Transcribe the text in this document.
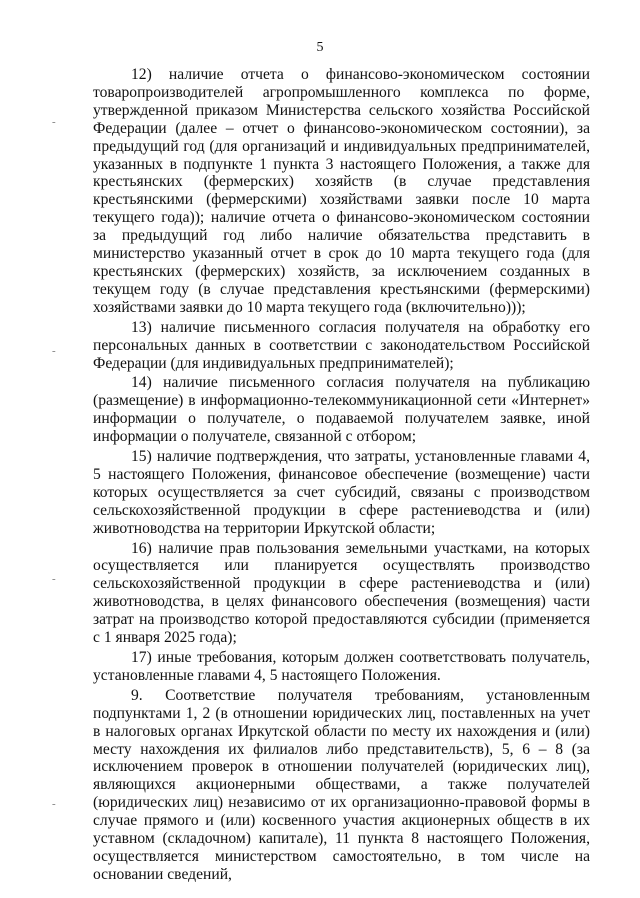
5

12) наличие отчета о финансово-экономическом состоянии товаропроизводителей агропромышленного комплекса по форме, утвержденной приказом Министерства сельского хозяйства Российской Федерации (далее – отчет о финансово-экономическом состоянии), за предыдущий год (для организаций и индивидуальных предпринимателей, указанных в подпункте 1 пункта 3 настоящего Положения, а также для крестьянских (фермерских) хозяйств (в случае представления крестьянскими (фермерскими) хозяйствами заявки после 10 марта текущего года)); наличие отчета о финансово-экономическом состоянии за предыдущий год либо наличие обязательства представить в министерство указанный отчет в срок до 10 марта текущего года (для крестьянских (фермерских) хозяйств, за исключением созданных в текущем году (в случае представления крестьянскими (фермерскими) хозяйствами заявки до 10 марта текущего года (включительно)));

13) наличие письменного согласия получателя на обработку его персональных данных в соответствии с законодательством Российской Федерации (для индивидуальных предпринимателей);

14) наличие письменного согласия получателя на публикацию (размещение) в информационно-телекоммуникационной сети «Интернет» информации о получателе, о подаваемой получателем заявке, иной информации о получателе, связанной с отбором;

15) наличие подтверждения, что затраты, установленные главами 4, 5 настоящего Положения, финансовое обеспечение (возмещение) части которых осуществляется за счет субсидий, связаны с производством сельскохозяйственной продукции в сфере растениеводства и (или) животноводства на территории Иркутской области;

16) наличие прав пользования земельными участками, на которых осуществляется или планируется осуществлять производство сельскохозяйственной продукции в сфере растениеводства и (или) животноводства, в целях финансового обеспечения (возмещения) части затрат на производство которой предоставляются субсидии (применяется с 1 января 2025 года);

17) иные требования, которым должен соответствовать получатель, установленные главами 4, 5 настоящего Положения.

9. Соответствие получателя требованиям, установленным подпунктами 1, 2 (в отношении юридических лиц, поставленных на учет в налоговых органах Иркутской области по месту их нахождения и (или) месту нахождения их филиалов либо представительств), 5, 6 – 8 (за исключением проверок в отношении получателей (юридических лиц), являющихся акционерными обществами, а также получателей (юридических лиц) независимо от их организационно-правовой формы в случае прямого и (или) косвенного участия акционерных обществ в их уставном (складочном) капитале), 11 пункта 8 настоящего Положения, осуществляется министерством самостоятельно, в том числе на основании сведений,

-
-
-
-
